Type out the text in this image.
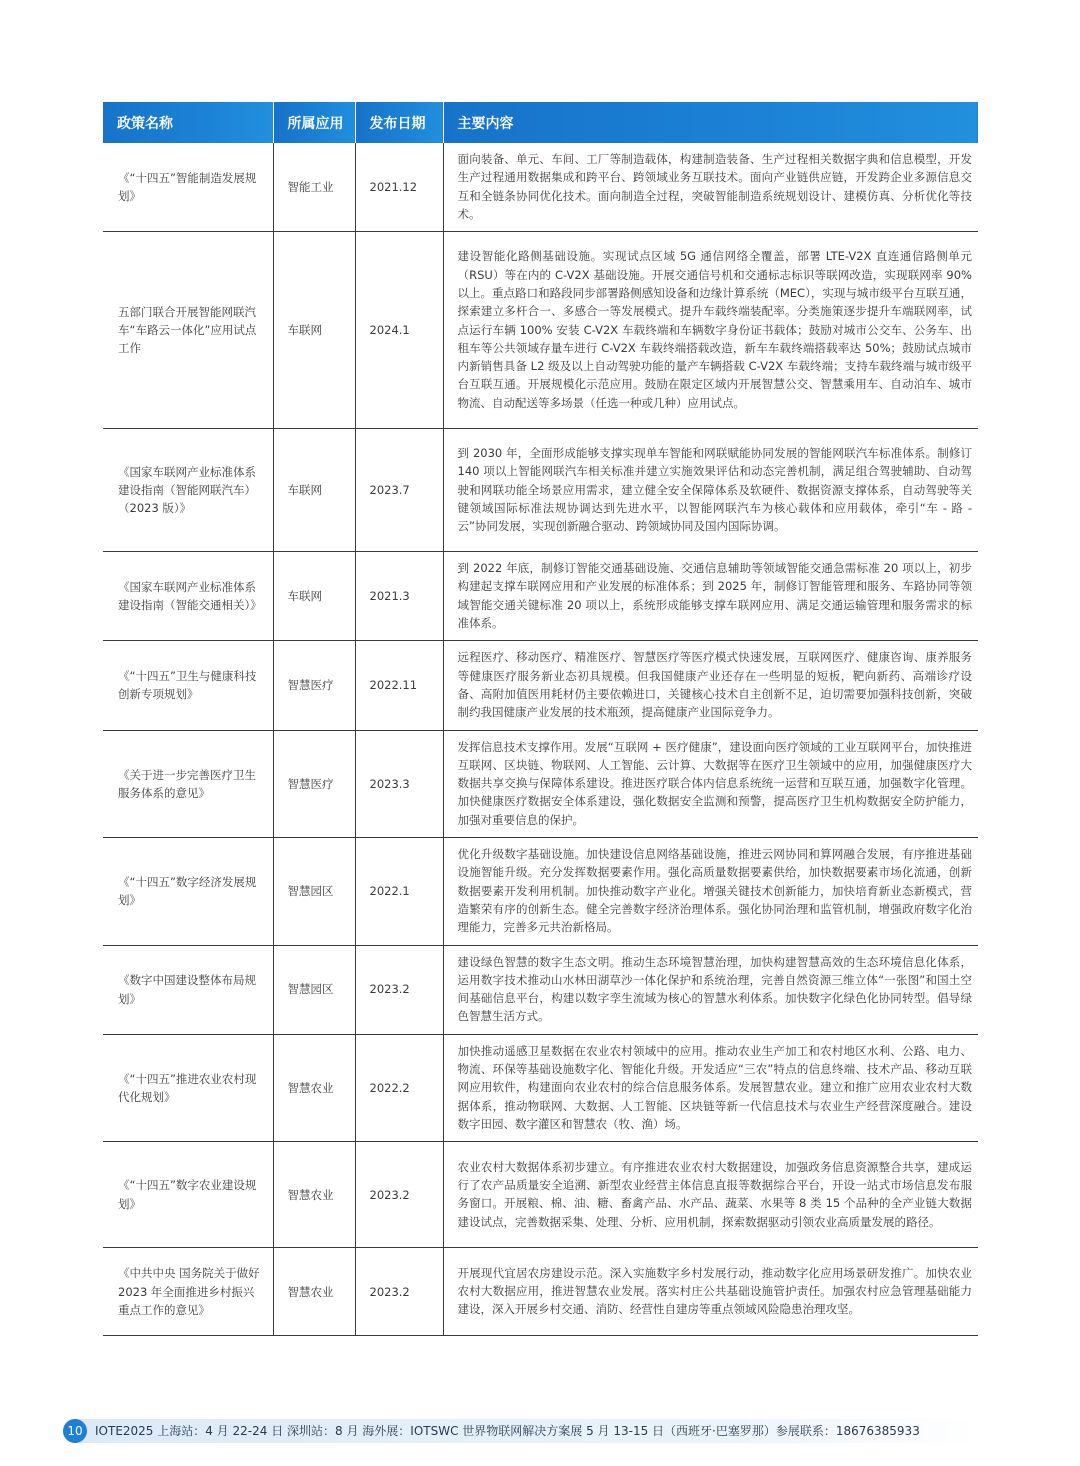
政策名称	所属应用	发布日期	主要内容
《“十四五”智能制造发展规划》	智能工业	2021.12	面向装备、单元、车间、工厂等制造载体，构建制造装备、生产过程相关数据字典和信息模型，开发生产过程通用数据集成和跨平台、跨领域业务互联技术。面向产业链供应链，开发跨企业多源信息交互和全链条协同优化技术。面向制造全过程，突破智能制造系统规划设计、建模仿真、分析优化等技术。
五部门联合开展智能网联汽车“车路云一体化”应用试点工作	车联网	2024.1	建设智能化路侧基础设施。实现试点区域 5G 通信网络全覆盖，部署 LTE-V2X 直连通信路侧单元（RSU）等在内的 C-V2X 基础设施。开展交通信号机和交通标志标识等联网改造，实现联网率 90% 以上。重点路口和路段同步部署路侧感知设备和边缘计算系统（MEC），实现与城市级平台互联互通，探索建立多杆合一、多感合一等发展模式。提升车载终端装配率。分类施策逐步提升车端联网率，试点运行车辆 100% 安装 C-V2X 车载终端和车辆数字身份证书载体；鼓励对城市公交车、公务车、出租车等公共领域存量车进行 C-V2X 车载终端搭载改造，新车车载终端搭载率达 50%；鼓励试点城市内新销售具备 L2 级及以上自动驾驶功能的量产车辆搭载 C-V2X 车载终端；支持车载终端与城市级平台互联互通。开展规模化示范应用。鼓励在限定区域内开展智慧公交、智慧乘用车、自动泊车、城市物流、自动配送等多场景（任选一种或几种）应用试点。
《国家车联网产业标准体系建设指南（智能网联汽车）（2023 版）》	车联网	2023.7	到 2030 年，全面形成能够支撑实现单车智能和网联赋能协同发展的智能网联汽车标准体系。制修订 140 项以上智能网联汽车相关标准并建立实施效果评估和动态完善机制，满足组合驾驶辅助、自动驾驶和网联功能全场景应用需求，建立健全安全保障体系及软硬件、数据资源支撑体系，自动驾驶等关键领域国际标准法规协调达到先进水平，以智能网联汽车为核心载体和应用载体，牵引“车 - 路 - 云”协同发展，实现创新融合驱动、跨领域协同及国内国际协调。
《国家车联网产业标准体系建设指南（智能交通相关）》	车联网	2021.3	到 2022 年底，制修订智能交通基础设施、交通信息辅助等领域智能交通急需标准 20 项以上，初步构建起支撑车联网应用和产业发展的标准体系；到 2025 年，制修订智能管理和服务、车路协同等领域智能交通关键标准 20 项以上，系统形成能够支撑车联网应用、满足交通运输管理和服务需求的标准体系。
《“十四五”卫生与健康科技创新专项规划》	智慧医疗	2022.11	远程医疗、移动医疗、精准医疗、智慧医疗等医疗模式快速发展，互联网医疗、健康咨询、康养服务等健康医疗服务新业态初具规模。但我国健康产业还存在一些明显的短板，靶向新药、高端诊疗设备、高附加值医用耗材仍主要依赖进口，关键核心技术自主创新不足，迫切需要加强科技创新，突破制约我国健康产业发展的技术瓶颈，提高健康产业国际竞争力。
《关于进一步完善医疗卫生服务体系的意见》	智慧医疗	2023.3	发挥信息技术支撑作用。发展“互联网 + 医疗健康”，建设面向医疗领域的工业互联网平台，加快推进互联网、区块链、物联网、人工智能、云计算、大数据等在医疗卫生领域中的应用，加强健康医疗大数据共享交换与保障体系建设。推进医疗联合体内信息系统统一运营和互联互通，加强数字化管理。加快健康医疗数据安全体系建设，强化数据安全监测和预警，提高医疗卫生机构数据安全防护能力，加强对重要信息的保护。
《“十四五”数字经济发展规划》	智慧园区	2022.1	优化升级数字基础设施。加快建设信息网络基础设施，推进云网协同和算网融合发展，有序推进基础设施智能升级。充分发挥数据要素作用。强化高质量数据要素供给，加快数据要素市场化流通，创新数据要素开发利用机制。加快推动数字产业化。增强关键技术创新能力，加快培育新业态新模式，营造繁荣有序的创新生态。健全完善数字经济治理体系。强化协同治理和监管机制，增强政府数字化治理能力，完善多元共治新格局。
《数字中国建设整体布局规划》	智慧园区	2023.2	建设绿色智慧的数字生态文明。推动生态环境智慧治理，加快构建智慧高效的生态环境信息化体系，运用数字技术推动山水林田湖草沙一体化保护和系统治理，完善自然资源三维立体“一张图”和国土空间基础信息平台，构建以数字孪生流域为核心的智慧水利体系。加快数字化绿色化协同转型。倡导绿色智慧生活方式。
《“十四五”推进农业农村现代化规划》	智慧农业	2022.2	加快推动遥感卫星数据在农业农村领域中的应用。推动农业生产加工和农村地区水利、公路、电力、物流、环保等基础设施数字化、智能化升级。开发适应“三农”特点的信息终端、技术产品、移动互联网应用软件，构建面向农业农村的综合信息服务体系。发展智慧农业。建立和推广应用农业农村大数据体系，推动物联网、大数据、人工智能、区块链等新一代信息技术与农业生产经营深度融合。建设数字田园、数字灌区和智慧农（牧、渔）场。
《“十四五”数字农业建设规划》	智慧农业	2023.2	农业农村大数据体系初步建立。有序推进农业农村大数据建设，加强政务信息资源整合共享，建成运行了农产品质量安全追溯、新型农业经营主体信息直报等数据综合平台，开设一站式市场信息发布服务窗口。开展粮、棉、油、糖、畜禽产品、水产品、蔬菜、水果等 8 类 15 个品种的全产业链大数据建设试点，完善数据采集、处理、分析、应用机制，探索数据驱动引领农业高质量发展的路径。
《中共中央 国务院关于做好 2023 年全面推进乡村振兴重点工作的意见》	智慧农业	2023.2	开展现代宜居农房建设示范。深入实施数字乡村发展行动，推动数字化应用场景研发推广。加快农业农村大数据应用，推进智慧农业发展。落实村庄公共基础设施管护责任。加强农村应急管理基础能力建设，深入开展乡村交通、消防、经营性自建房等重点领域风险隐患治理攻坚。
10	IOTE2025 上海站：4 月 22-24 日 深圳站：8 月 海外展：IOTSWC 世界物联网解决方案展 5 月 13-15 日（西班牙·巴塞罗那）参展联系：18676385933
